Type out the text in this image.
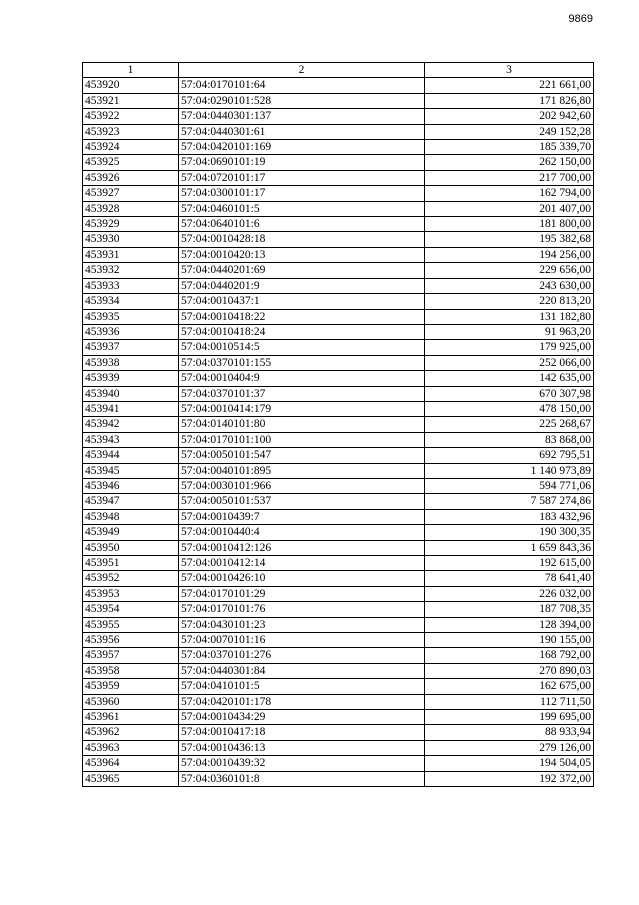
9869
1	2	3
453920	57:04:0170101:64	221 661,00
453921	57:04:0290101:528	171 826,80
453922	57:04:0440301:137	202 942,60
453923	57:04:0440301:61	249 152,28
453924	57:04:0420101:169	185 339,70
453925	57:04:0690101:19	262 150,00
453926	57:04:0720101:17	217 700,00
453927	57:04:0300101:17	162 794,00
453928	57:04:0460101:5	201 407,00
453929	57:04:0640101:6	181 800,00
453930	57:04:0010428:18	195 382,68
453931	57:04:0010420:13	194 256,00
453932	57:04:0440201:69	229 656,00
453933	57:04:0440201:9	243 630,00
453934	57:04:0010437:1	220 813,20
453935	57:04:0010418:22	131 182,80
453936	57:04:0010418:24	91 963,20
453937	57:04:0010514:5	179 925,00
453938	57:04:0370101:155	252 066,00
453939	57:04:0010404:9	142 635,00
453940	57:04:0370101:37	670 307,98
453941	57:04:0010414:179	478 150,00
453942	57:04:0140101:80	225 268,67
453943	57:04:0170101:100	83 868,00
453944	57:04:0050101:547	692 795,51
453945	57:04:0040101:895	1 140 973,89
453946	57:04:0030101:966	594 771,06
453947	57:04:0050101:537	7 587 274,86
453948	57:04:0010439:7	183 432,96
453949	57:04:0010440:4	190 300,35
453950	57:04:0010412:126	1 659 843,36
453951	57:04:0010412:14	192 615,00
453952	57:04:0010426:10	78 641,40
453953	57:04:0170101:29	226 032,00
453954	57:04:0170101:76	187 708,35
453955	57:04:0430101:23	128 394,00
453956	57:04:0070101:16	190 155,00
453957	57:04:0370101:276	168 792,00
453958	57:04:0440301:84	270 890,03
453959	57:04:0410101:5	162 675,00
453960	57:04:0420101:178	112 711,50
453961	57:04:0010434:29	199 695,00
453962	57:04:0010417:18	88 933,94
453963	57:04:0010436:13	279 126,00
453964	57:04:0010439:32	194 504,05
453965	57:04:0360101:8	192 372,00
